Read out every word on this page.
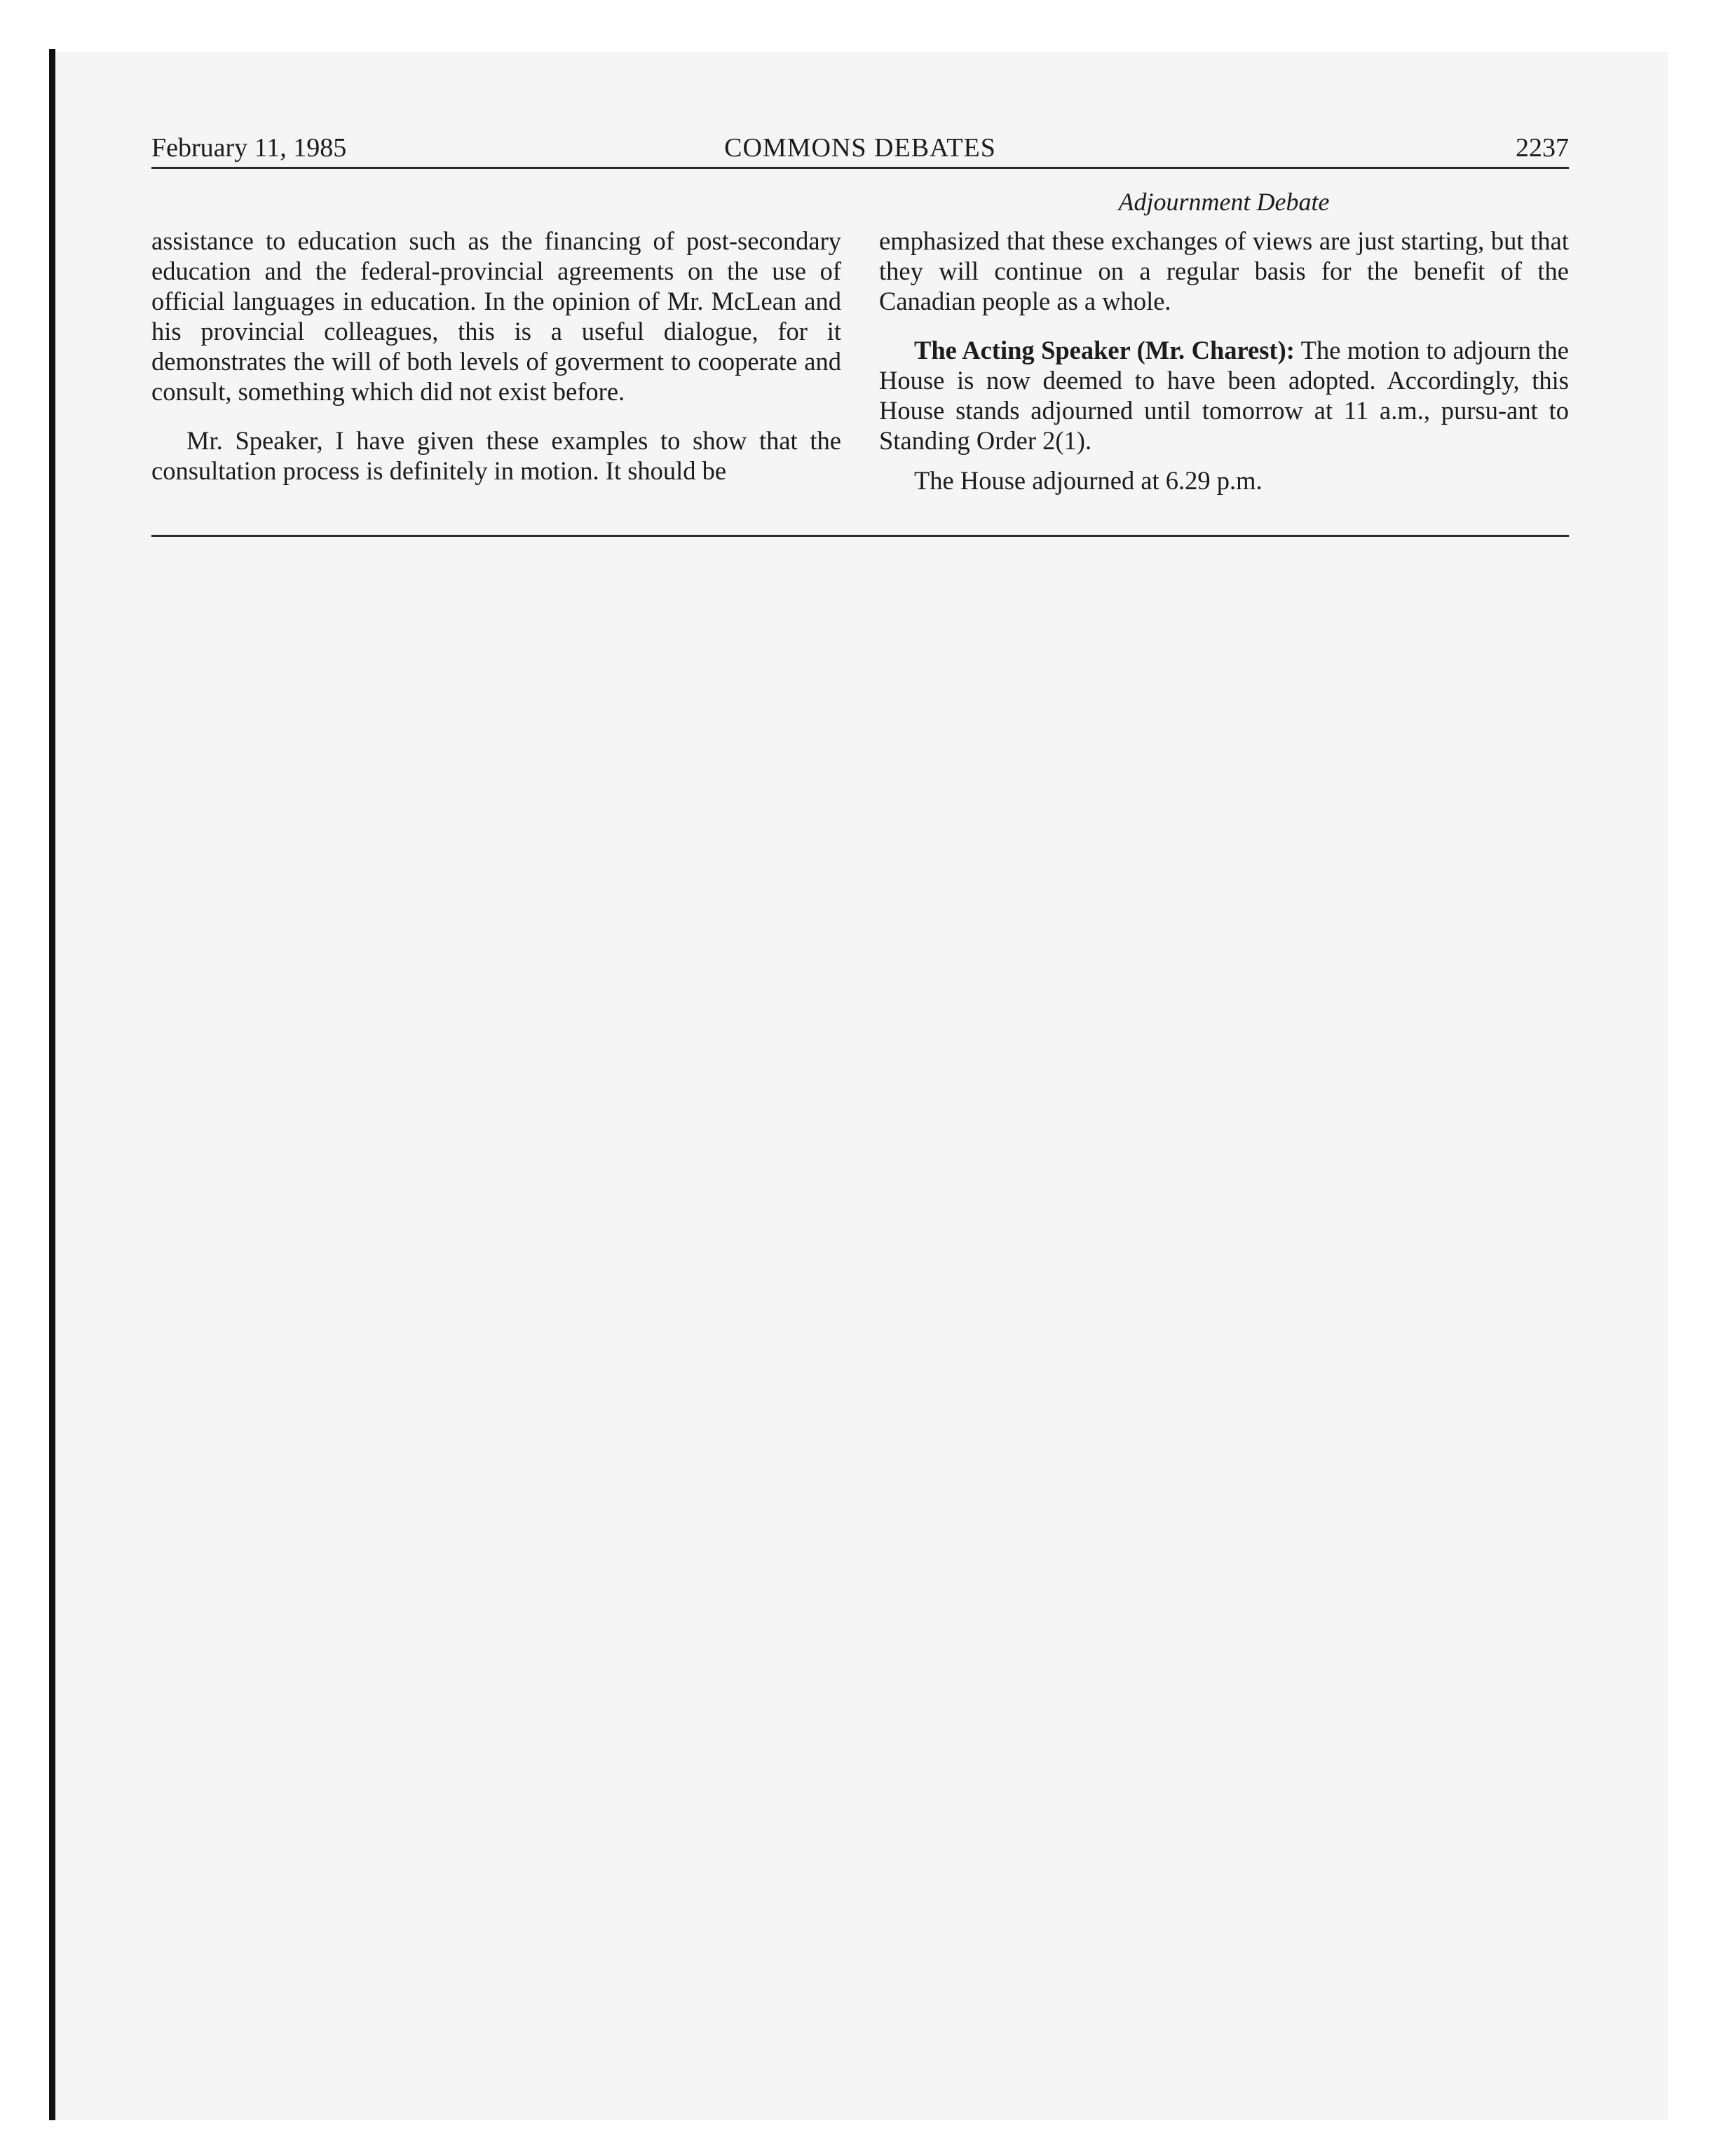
February 11, 1985	COMMONS DEBATES	2237
Adjournment Debate

assistance to education such as the financing of post-secondary education and the federal-provincial agreements on the use of official languages in education. In the opinion of Mr. McLean and his provincial colleagues, this is a useful dialogue, for it demonstrates the will of both levels of goverment to cooperate and consult, something which did not exist before.

Mr. Speaker, I have given these examples to show that the consultation process is definitely in motion. It should be

emphasized that these exchanges of views are just starting, but that they will continue on a regular basis for the benefit of the Canadian people as a whole.

The Acting Speaker (Mr. Charest): The motion to adjourn the House is now deemed to have been adopted. Accordingly, this House stands adjourned until tomorrow at 11 a.m., pursu-ant to Standing Order 2(1).

The House adjourned at 6.29 p.m.
